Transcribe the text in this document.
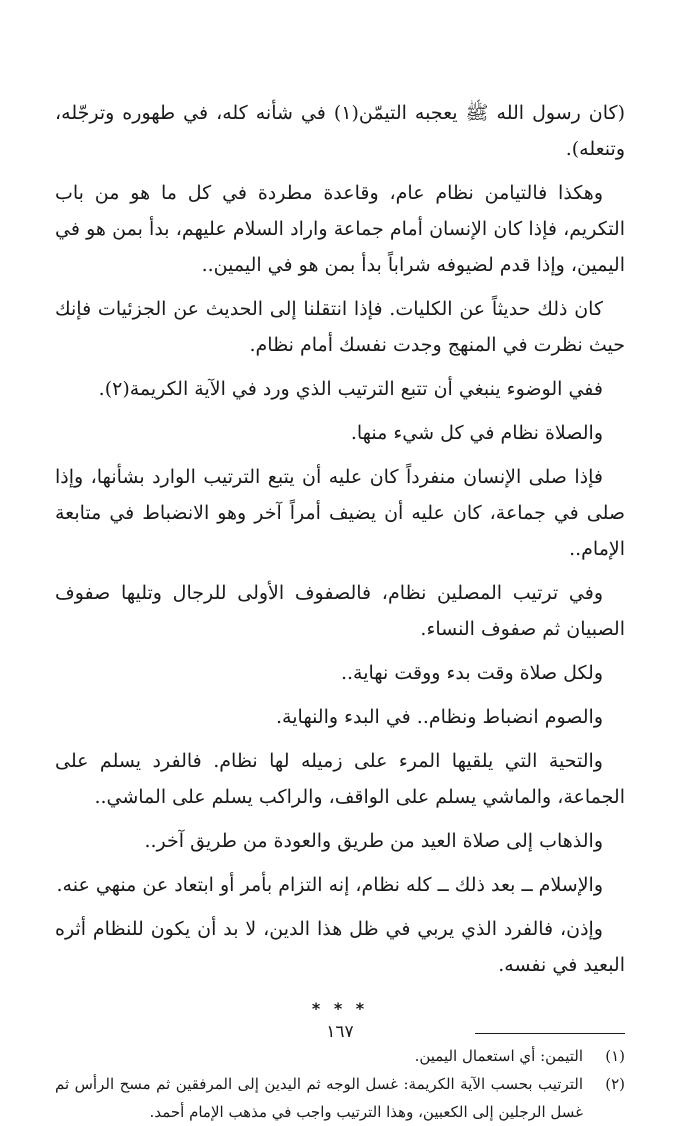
(كان رسول الله ﷺ يعجبه التيمّن(١) في شأنه كله، في طهوره وترجّله، وتنعله).

وهكذا فالتيامن نظام عام، وقاعدة مطردة في كل ما هو من باب التكريم، فإذا كان الإنسان أمام جماعة واراد السلام عليهم، بدأ بمن هو في اليمين، وإذا قدم لضيوفه شراباً بدأ بمن هو في اليمين..

كان ذلك حديثاً عن الكليات. فإذا انتقلنا إلى الحديث عن الجزئيات فإنك حيث نظرت في المنهج وجدت نفسك أمام نظام.

ففي الوضوء ينبغي أن تتبع الترتيب الذي ورد في الآية الكريمة(٢).

والصلاة نظام في كل شيء منها.

فإذا صلى الإنسان منفرداً كان عليه أن يتبع الترتيب الوارد بشأنها، وإذا صلى في جماعة، كان عليه أن يضيف أمراً آخر وهو الانضباط في متابعة الإمام..

وفي ترتيب المصلين نظام، فالصفوف الأولى للرجال وتليها صفوف الصبيان ثم صفوف النساء.

ولكل صلاة وقت بدء ووقت نهاية..

والصوم انضباط ونظام.. في البدء والنهاية.

والتحية التي يلقيها المرء على زميله لها نظام. فالفرد يسلم على الجماعة، والماشي يسلم على الواقف، والراكب يسلم على الماشي..

والذهاب إلى صلاة العيد من طريق والعودة من طريق آخر..

والإسلام ــ بعد ذلك ــ كله نظام، إنه التزام بأمر أو ابتعاد عن منهي عنه.

وإذن، فالفرد الذي يربي في ظل هذا الدين، لا بد أن يكون للنظام أثره البعيد في نفسه.

* * *
(١)
التيمن: أي استعمال اليمين.
(٢)
الترتيب بحسب الآية الكريمة: غسل الوجه ثم اليدين إلى المرفقين ثم مسح الرأس ثم غسل الرجلين إلى الكعبين، وهذا الترتيب واجب في مذهب الإمام أحمد.
١٦٧
